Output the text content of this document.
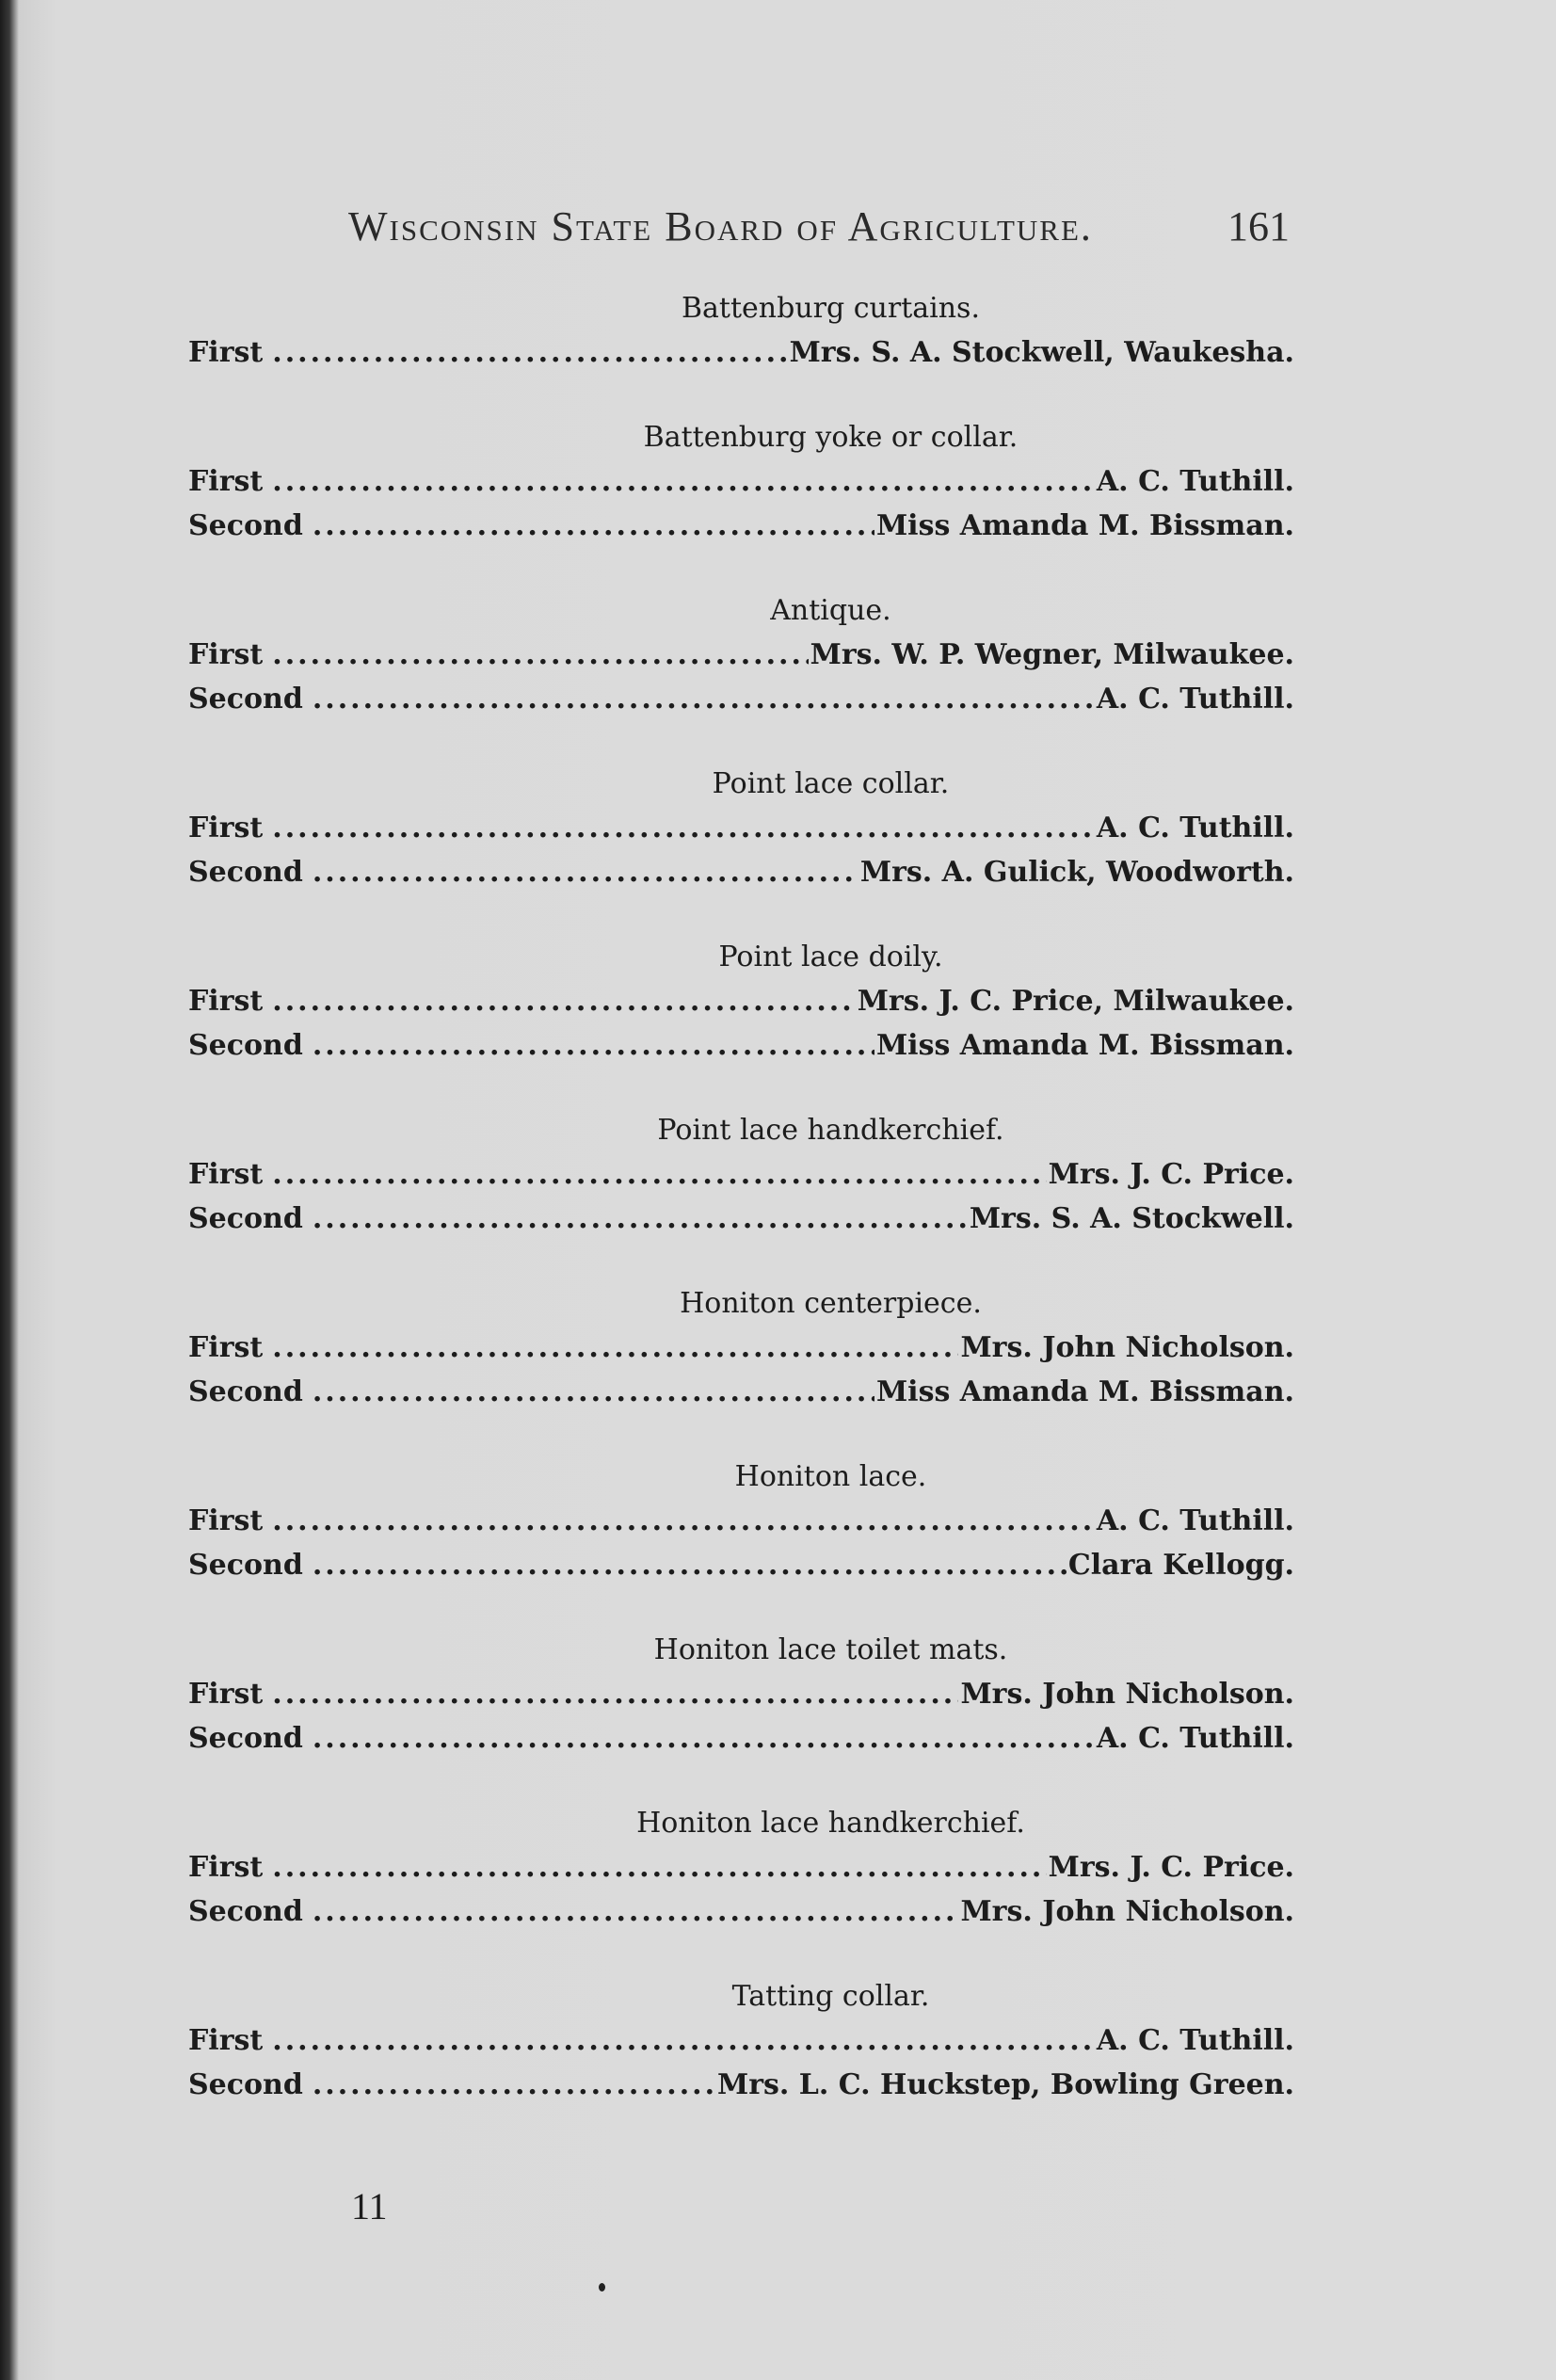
Wisconsin State Board of Agriculture.	161
Battenburg curtains.
First .....	Mrs. S. A. Stockwell, Waukesha.
Battenburg yoke or collar.
First .....	A. C. Tuthill.
Second .....	Miss Amanda M. Bissman.
Antique.
First .....	Mrs. W. P. Wegner, Milwaukee.
Second .....	A. C. Tuthill.
Point lace collar.
First .....	A. C. Tuthill.
Second .....	Mrs. A. Gulick, Woodworth.
Point lace doily.
First .....	Mrs. J. C. Price, Milwaukee.
Second .....	Miss Amanda M. Bissman.
Point lace handkerchief.
First .....	Mrs. J. C. Price.
Second .....	Mrs. S. A. Stockwell.
Honiton centerpiece.
First .....	Mrs. John Nicholson.
Second .....	Miss Amanda M. Bissman.
Honiton lace.
First .....	A. C. Tuthill.
Second .....	Clara Kellogg.
Honiton lace toilet mats.
First .....	Mrs. John Nicholson.
Second .....	A. C. Tuthill.
Honiton lace handkerchief.
First .....	Mrs. J. C. Price.
Second .....	Mrs. John Nicholson.
Tatting collar.
First .....	A. C. Tuthill.
Second .....	Mrs. L. C. Huckstep, Bowling Green.
11
